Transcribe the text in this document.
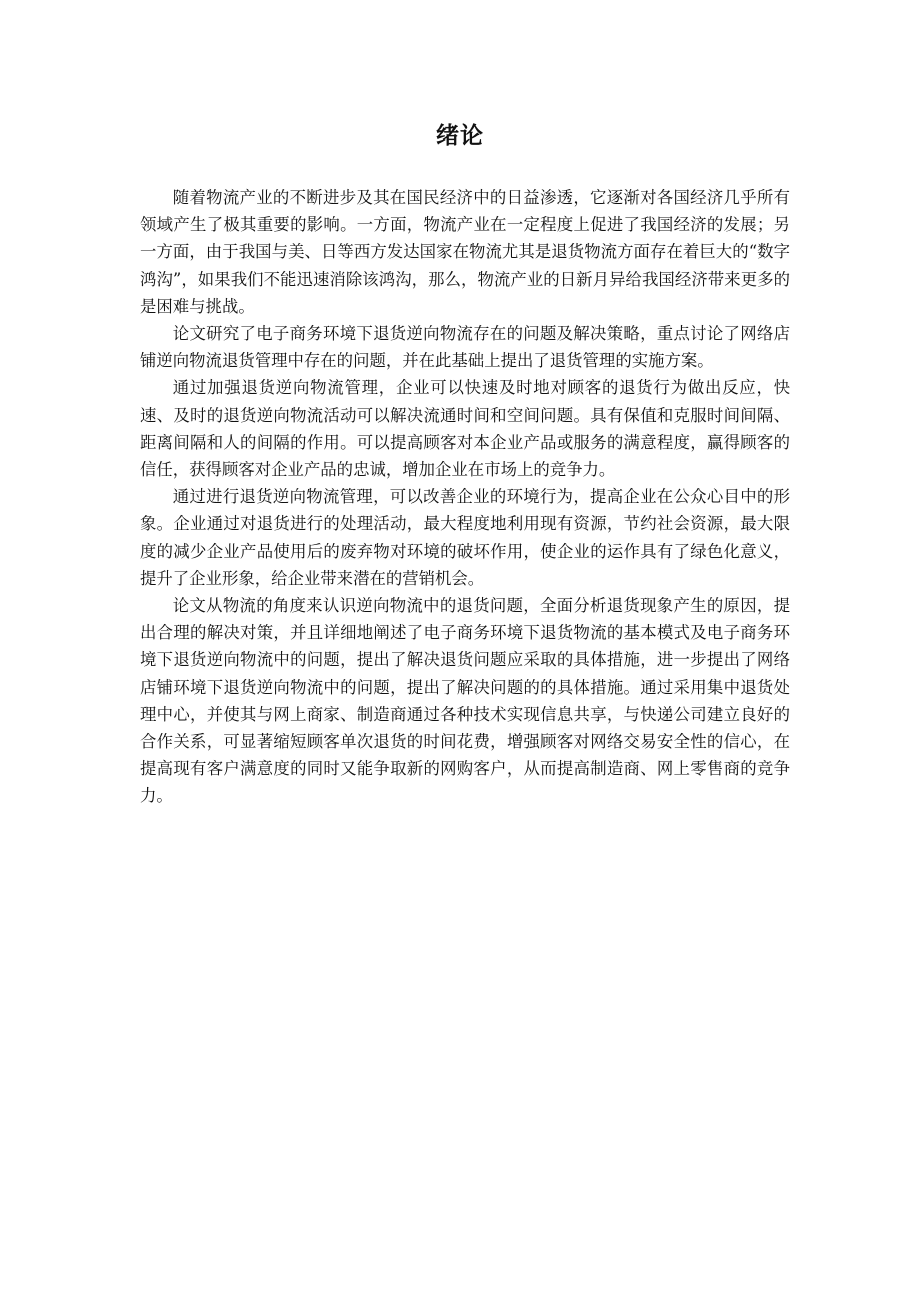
绪论

随着物流产业的不断进步及其在国民经济中的日益渗透，它逐渐对各国经济几乎所有领域产生了极其重要的影响。一方面，物流产业在一定程度上促进了我国经济的发展；另一方面，由于我国与美、日等西方发达国家在物流尤其是退货物流方面存在着巨大的“数字鸿沟”，如果我们不能迅速消除该鸿沟，那么，物流产业的日新月异给我国经济带来更多的是困难与挑战。

论文研究了电子商务环境下退货逆向物流存在的问题及解决策略，重点讨论了网络店铺逆向物流退货管理中存在的问题，并在此基础上提出了退货管理的实施方案。

通过加强退货逆向物流管理，企业可以快速及时地对顾客的退货行为做出反应，快速、及时的退货逆向物流活动可以解决流通时间和空间问题。具有保值和克服时间间隔、距离间隔和人的间隔的作用。可以提高顾客对本企业产品或服务的满意程度，赢得顾客的信任，获得顾客对企业产品的忠诚，增加企业在市场上的竞争力。

通过进行退货逆向物流管理，可以改善企业的环境行为，提高企业在公众心目中的形象。企业通过对退货进行的处理活动，最大程度地利用现有资源，节约社会资源，最大限度的减少企业产品使用后的废弃物对环境的破坏作用，使企业的运作具有了绿色化意义，提升了企业形象，给企业带来潜在的营销机会。

论文从物流的角度来认识逆向物流中的退货问题，全面分析退货现象产生的原因，提出合理的解决对策，并且详细地阐述了电子商务环境下退货物流的基本模式及电子商务环境下退货逆向物流中的问题，提出了解决退货问题应采取的具体措施，进一步提出了网络店铺环境下退货逆向物流中的问题，提出了解决问题的的具体措施。通过采用集中退货处理中心，并使其与网上商家、制造商通过各种技术实现信息共享，与快递公司建立良好的合作关系，可显著缩短顾客单次退货的时间花费，增强顾客对网络交易安全性的信心，在提高现有客户满意度的同时又能争取新的网购客户，从而提高制造商、网上零售商的竞争力。
